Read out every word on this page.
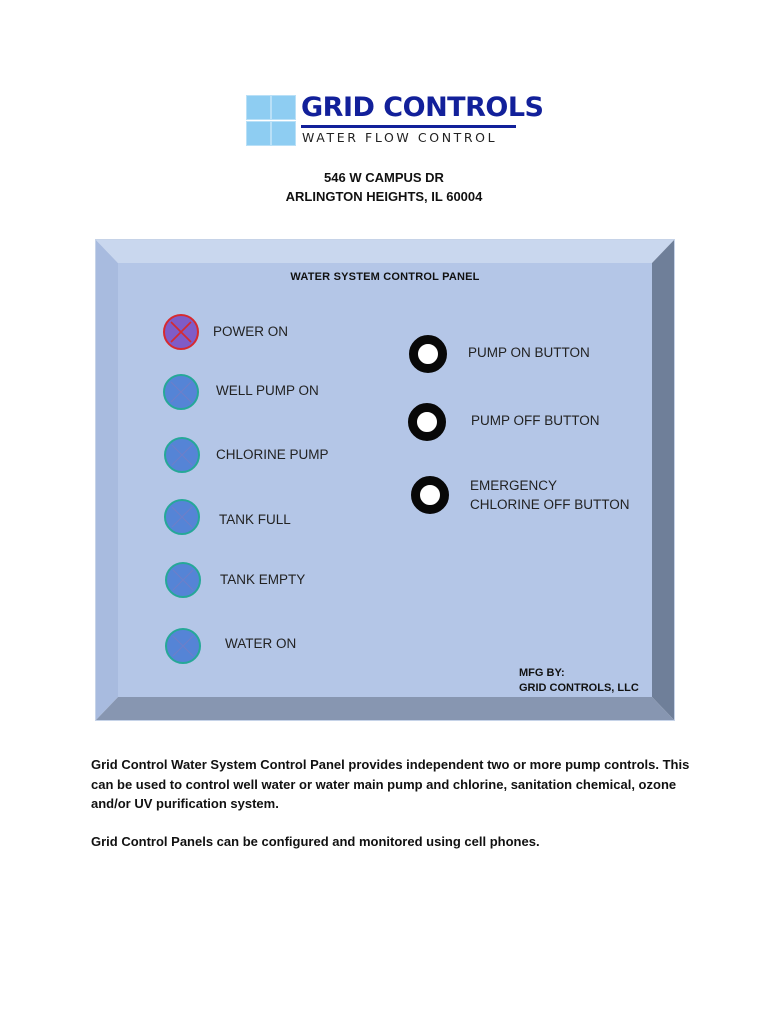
GRID CONTROLS
WATER FLOW CONTROL
546 W CAMPUS DR
ARLINGTON HEIGHTS, IL 60004
WATER SYSTEM CONTROL PANEL
POWER ON
WELL PUMP ON
CHLORINE PUMP
TANK FULL
TANK EMPTY
WATER ON
PUMP ON BUTTON
PUMP OFF BUTTON
EMERGENCY
CHLORINE OFF BUTTON
MFG BY:
GRID CONTROLS, LLC
Grid Control Water System Control Panel provides independent two or more pump controls. This can be used to control well water or water main pump and chlorine, sanitation chemical, ozone and/or UV purification system.
Grid Control Panels can be configured and monitored using cell phones.
